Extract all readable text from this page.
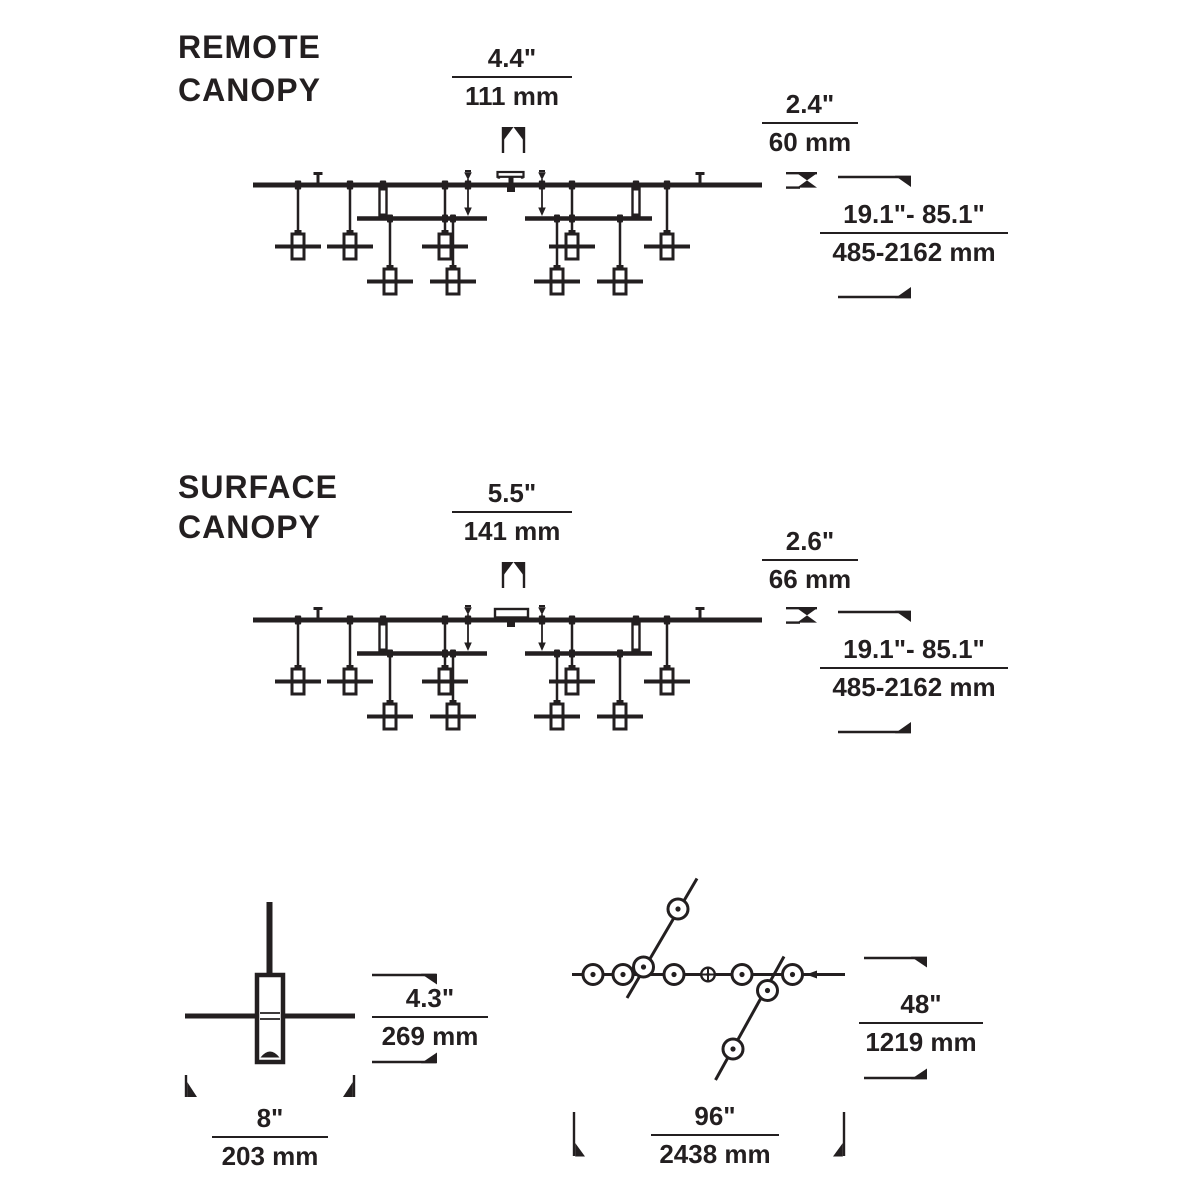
REMOTE
CANOPY	$\frac{4.4"}{111 mm}$
$\frac{2.4"}{60 mm}$
$\frac{19.1"- 85.1"}{485-2162 mm}$
SURFACE
CANOPY	$\frac{5.5"}{141 mm}$
$\frac{2.6"}{66 mm}$
$\frac{19.1"- 85.1"}{485-2162 mm}$
$\frac{4.3"}{269 mm}$
$\frac{8"}{203 mm}$
$\frac{48"}{1219 mm}$
$\frac{96"}{2438 mm}$
